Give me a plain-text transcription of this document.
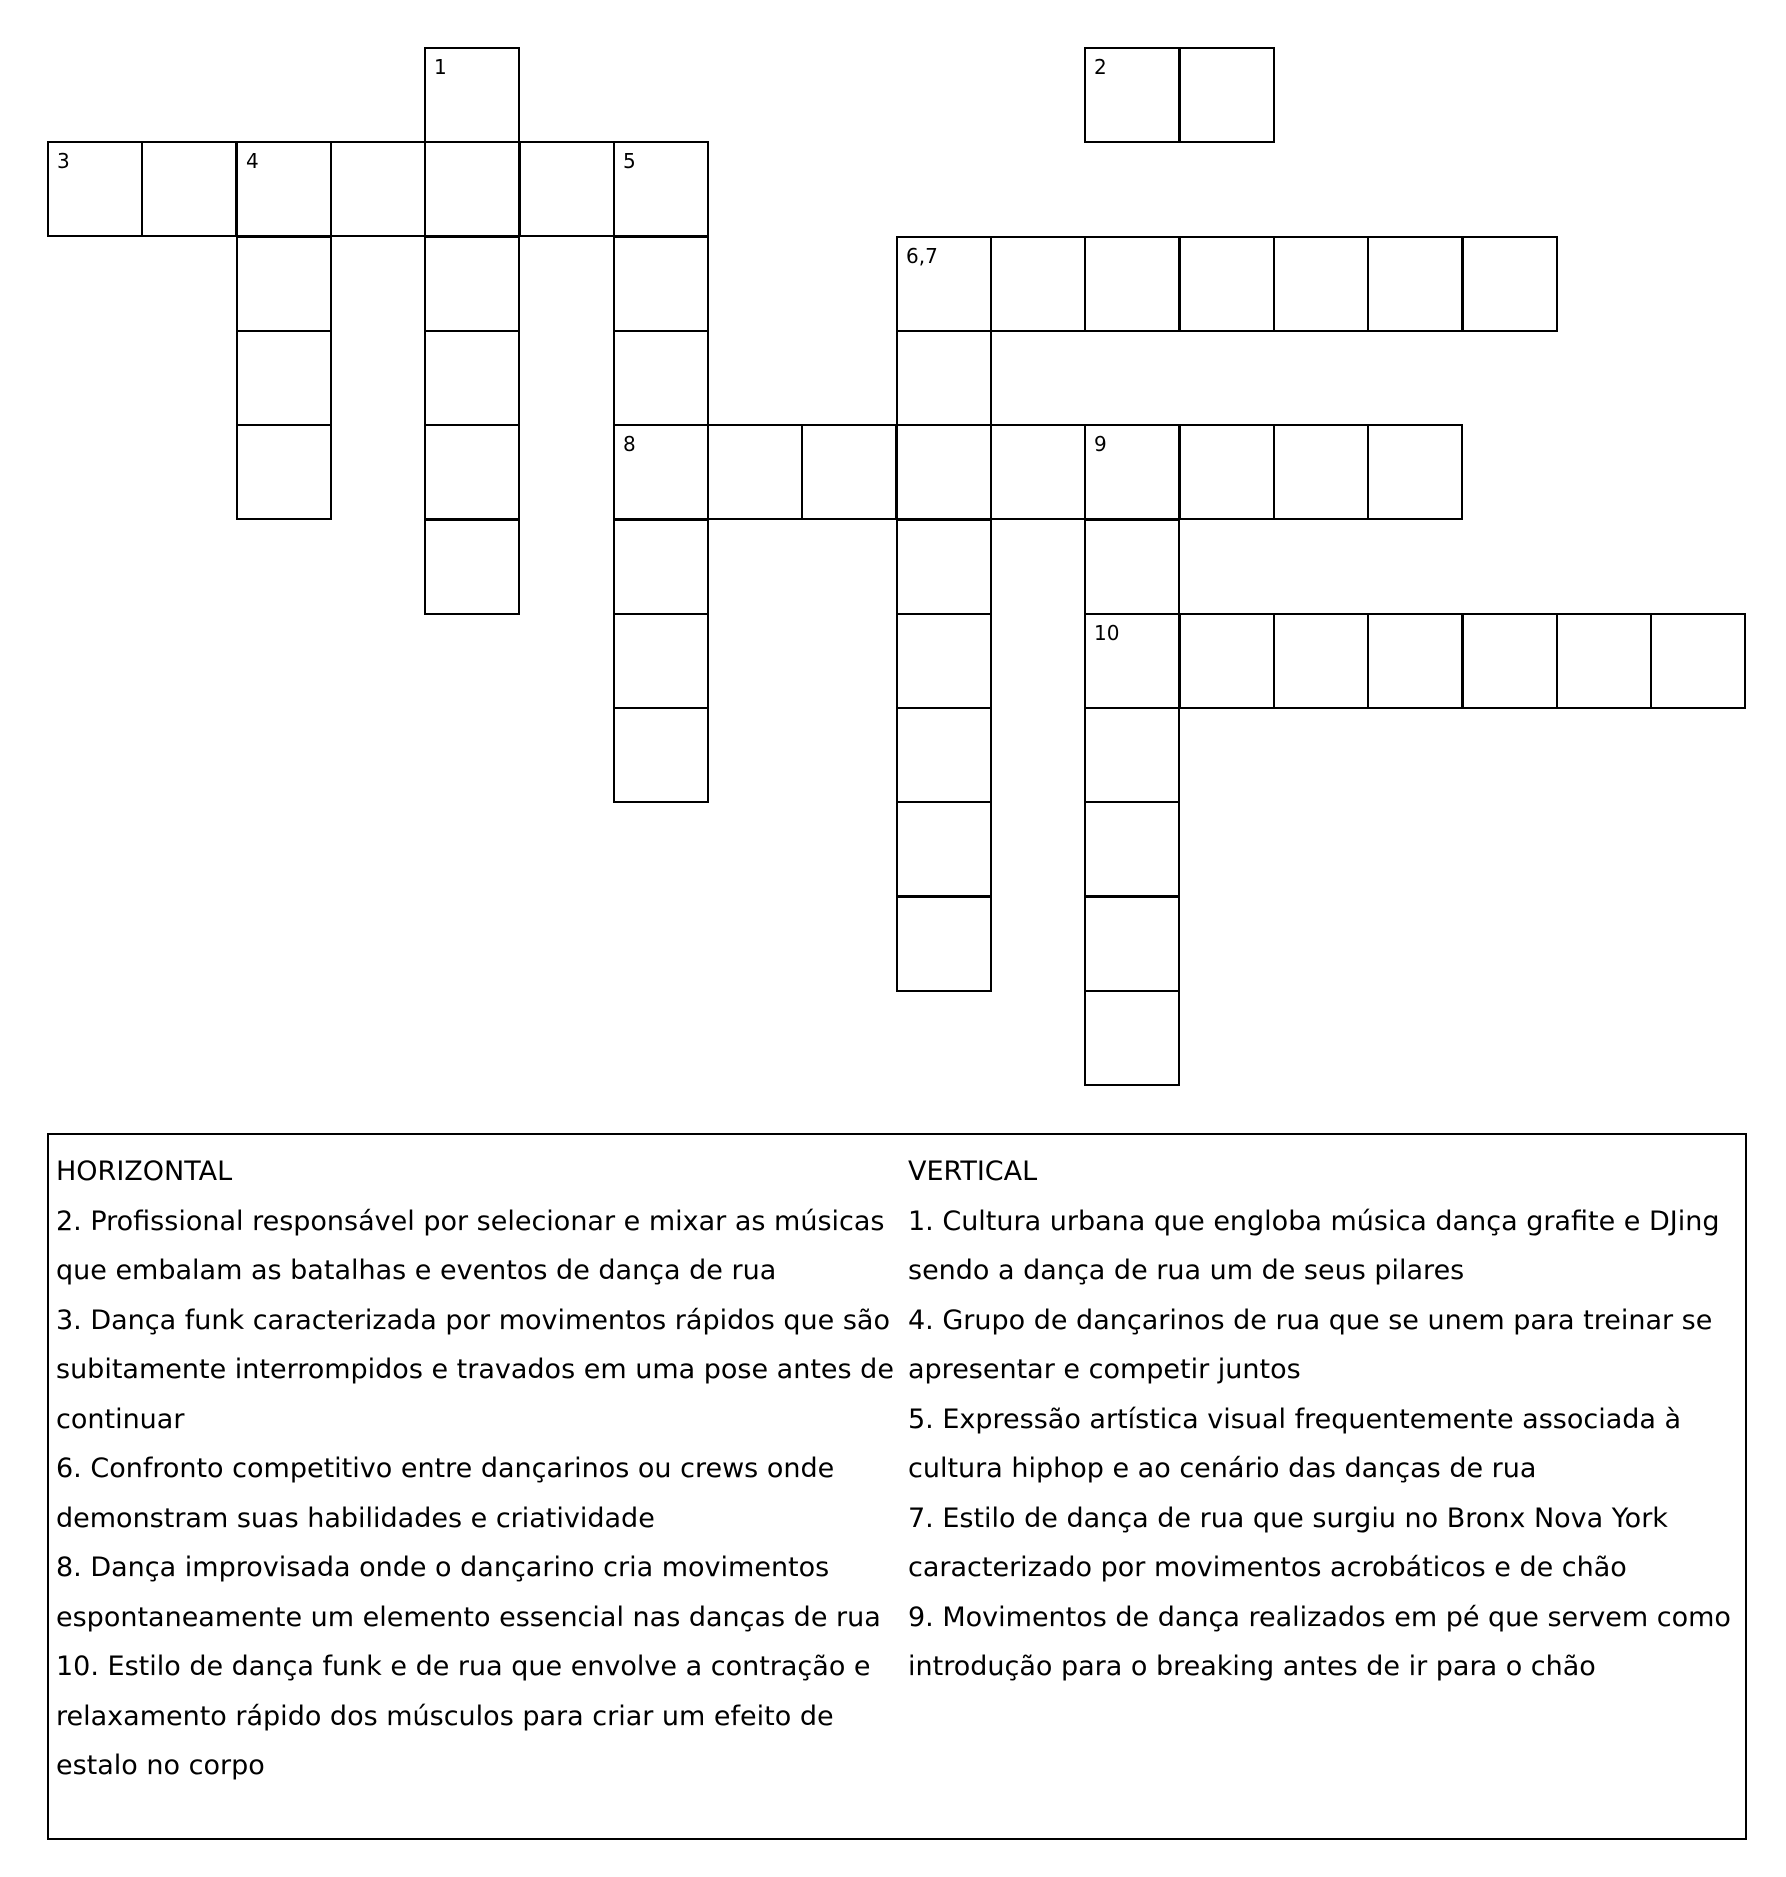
1	2
3	4	5
6,7
8	9
10
HORIZONTAL
2. Profissional responsável por selecionar e mixar as músicas
que embalam as batalhas e eventos de dança de rua
3. Dança funk caracterizada por movimentos rápidos que são
subitamente interrompidos e travados em uma pose antes de
continuar
6. Confronto competitivo entre dançarinos ou crews onde
demonstram suas habilidades e criatividade
8. Dança improvisada onde o dançarino cria movimentos
espontaneamente um elemento essencial nas danças de rua
10. Estilo de dança funk e de rua que envolve a contração e
relaxamento rápido dos músculos para criar um efeito de
estalo no corpo
VERTICAL
1. Cultura urbana que engloba música dança grafite e DJing
sendo a dança de rua um de seus pilares
4. Grupo de dançarinos de rua que se unem para treinar se
apresentar e competir juntos
5. Expressão artística visual frequentemente associada à
cultura hiphop e ao cenário das danças de rua
7. Estilo de dança de rua que surgiu no Bronx Nova York
caracterizado por movimentos acrobáticos e de chão
9. Movimentos de dança realizados em pé que servem como
introdução para o breaking antes de ir para o chão
